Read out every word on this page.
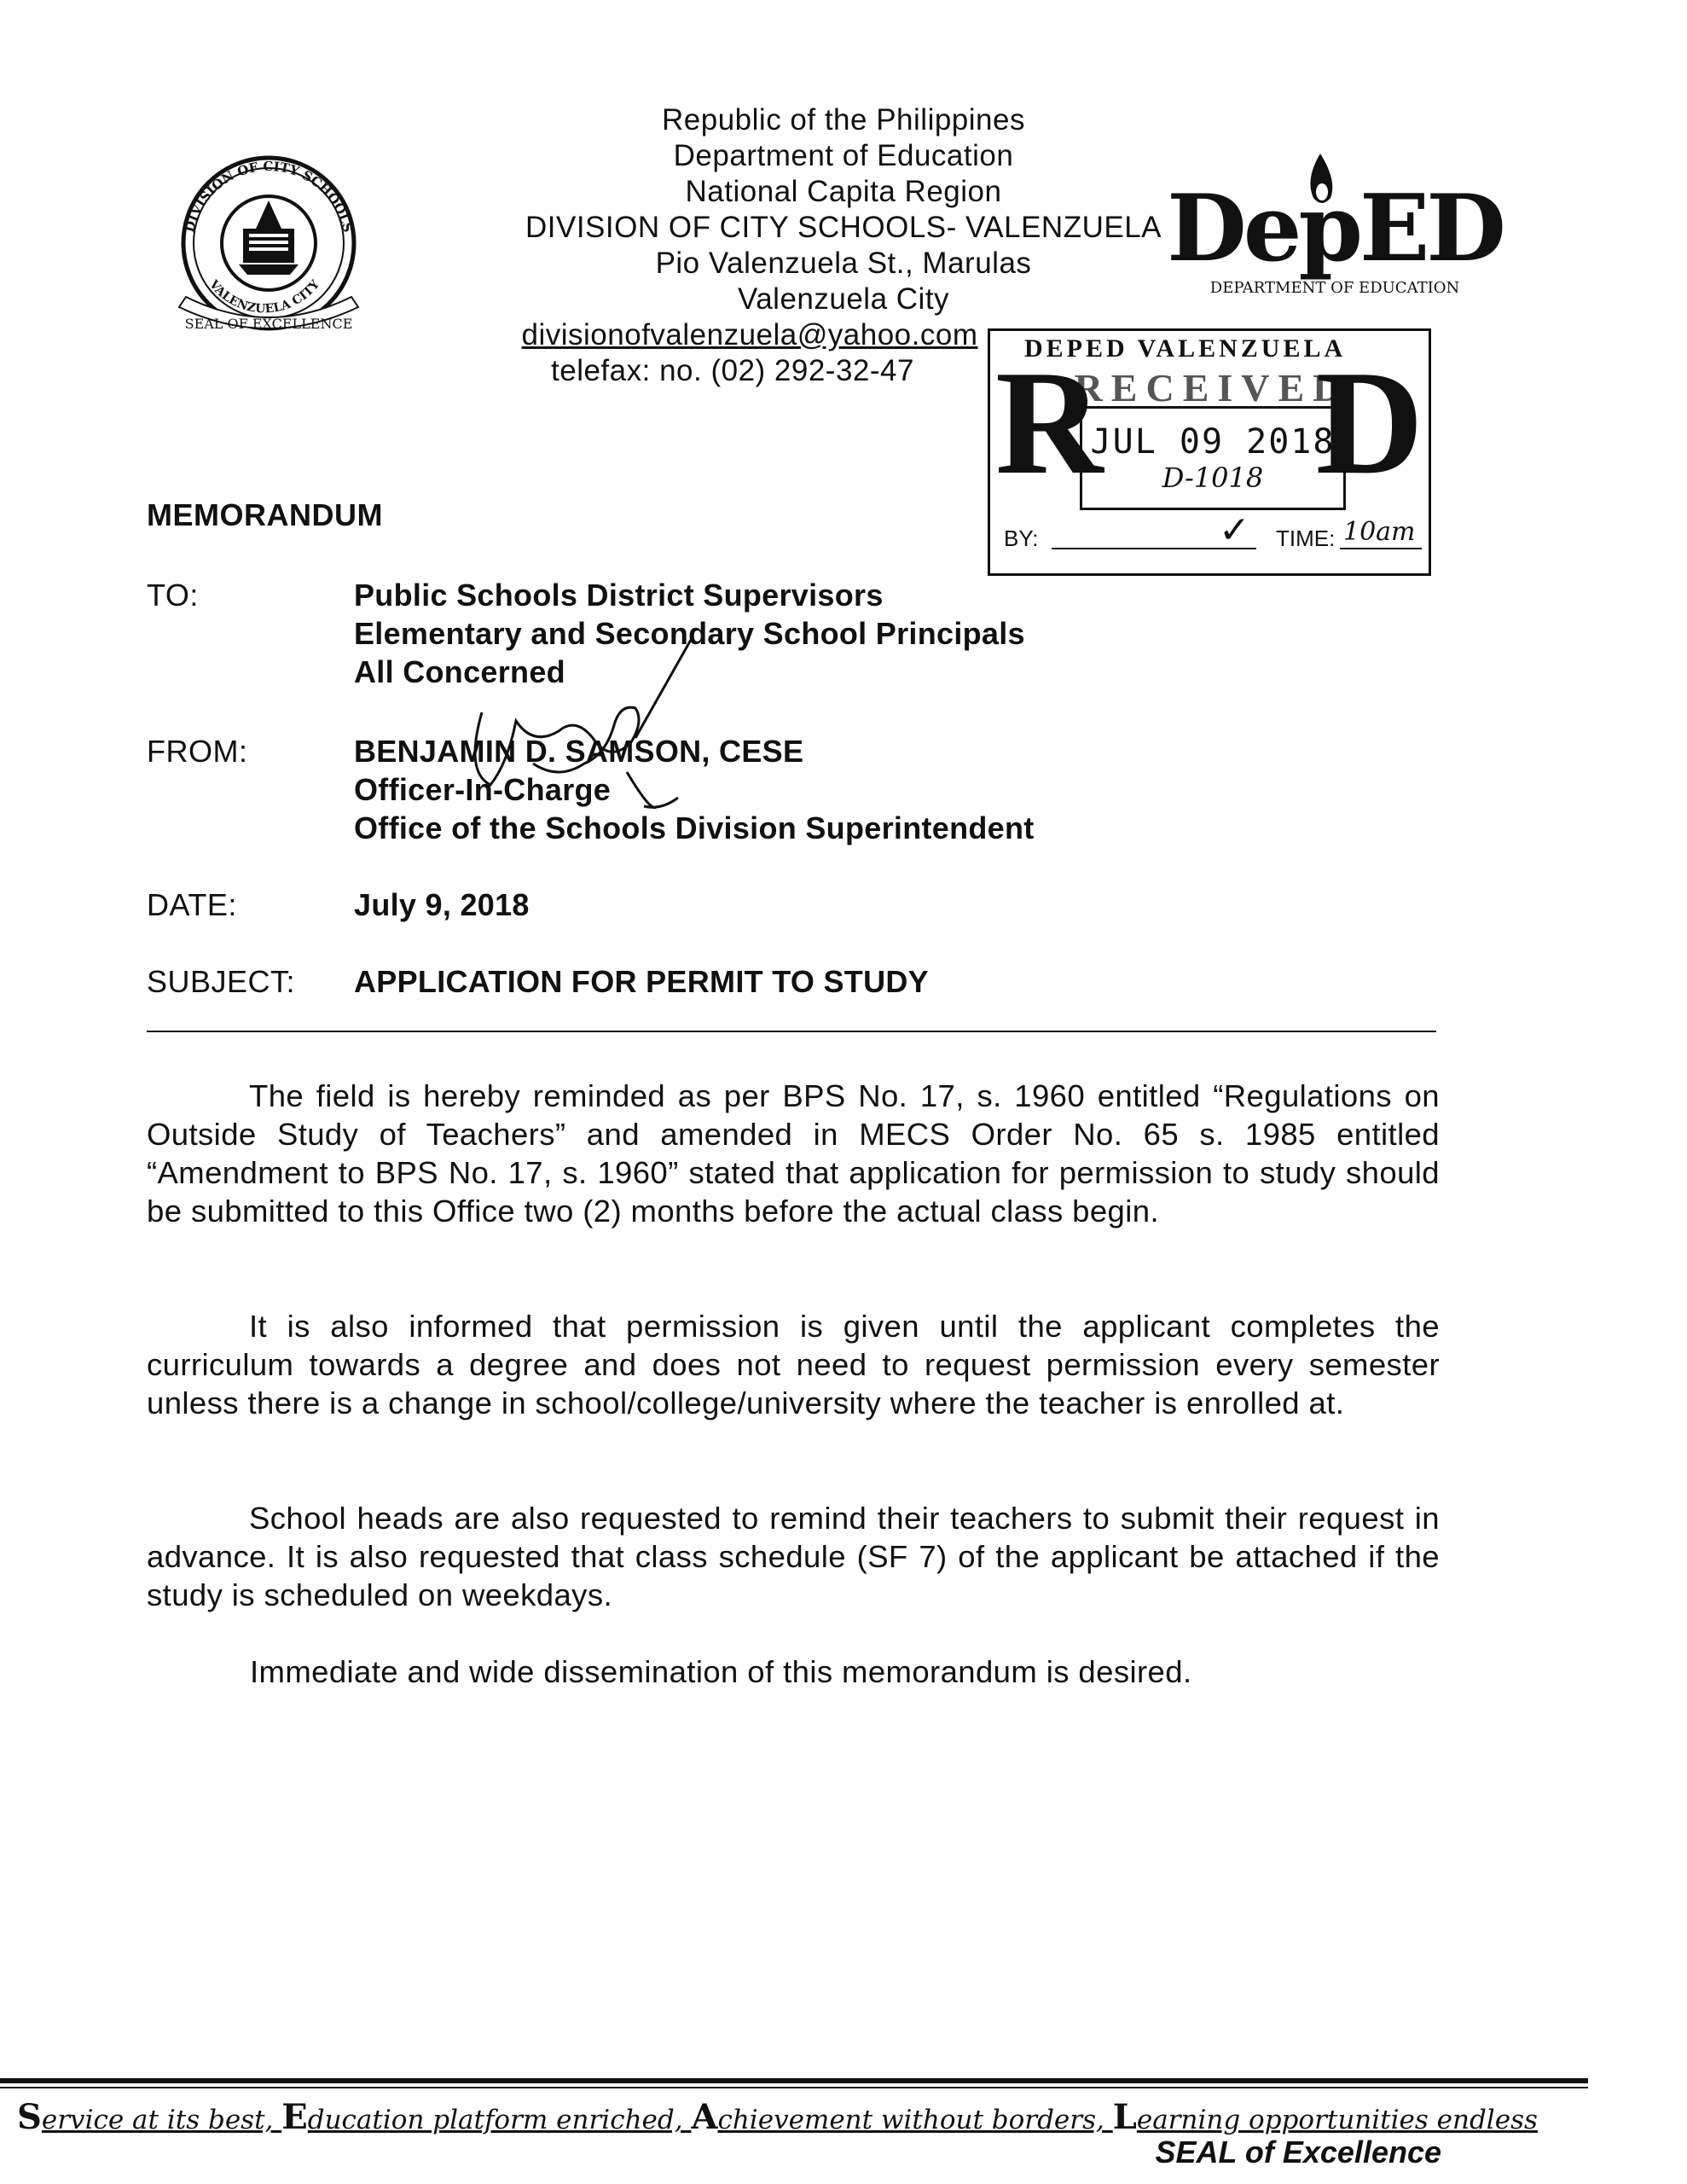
DIVISION OF CITY SCHOOLS
VALENZUELA CITY
SEAL OF EXCELLENCE
Republic of the Philippines
Department of Education
National Capita Region
DIVISION OF CITY SCHOOLS- VALENZUELA
Pio Valenzuela St., Marulas
Valenzuela City
divisionofvalenzuela@yahoo.com
telefax: no. (02) 292-32-47
DepED
DEPARTMENT OF EDUCATION
DEPED VALENZUELA
RECEIVED
R D
JUL 09 2018
D-1018
BY:	✓ TIME: 10am
MEMORANDUM
TO:	Public Schools District Supervisors
Elementary and Secondary School Principals
All Concerned
FROM:	BENJAMIN D. SAMSON, CESE
Officer-In-Charge
Office of the Schools Division Superintendent
DATE:	July 9, 2018
SUBJECT: APPLICATION FOR PERMIT TO STUDY
The field is hereby reminded as per BPS No. 17, s. 1960 entitled “Regulations on Outside Study of Teachers” and amended in MECS Order No. 65 s. 1985 entitled “Amendment to BPS No. 17, s. 1960” stated that application for permission to study should be submitted to this Office two (2) months before the actual class begin.
It is also informed that permission is given until the applicant completes the curriculum towards a degree and does not need to request permission every semester unless there is a change in school/college/university where the teacher is enrolled at.
School heads are also requested to remind their teachers to submit their request in advance. It is also requested that class schedule (SF 7) of the applicant be attached if the study is scheduled on weekdays.
Immediate and wide dissemination of this memorandum is desired.
Service at its best, Education platform enriched, Achievement without borders, Learning opportunities endless
SEAL of Excellence
